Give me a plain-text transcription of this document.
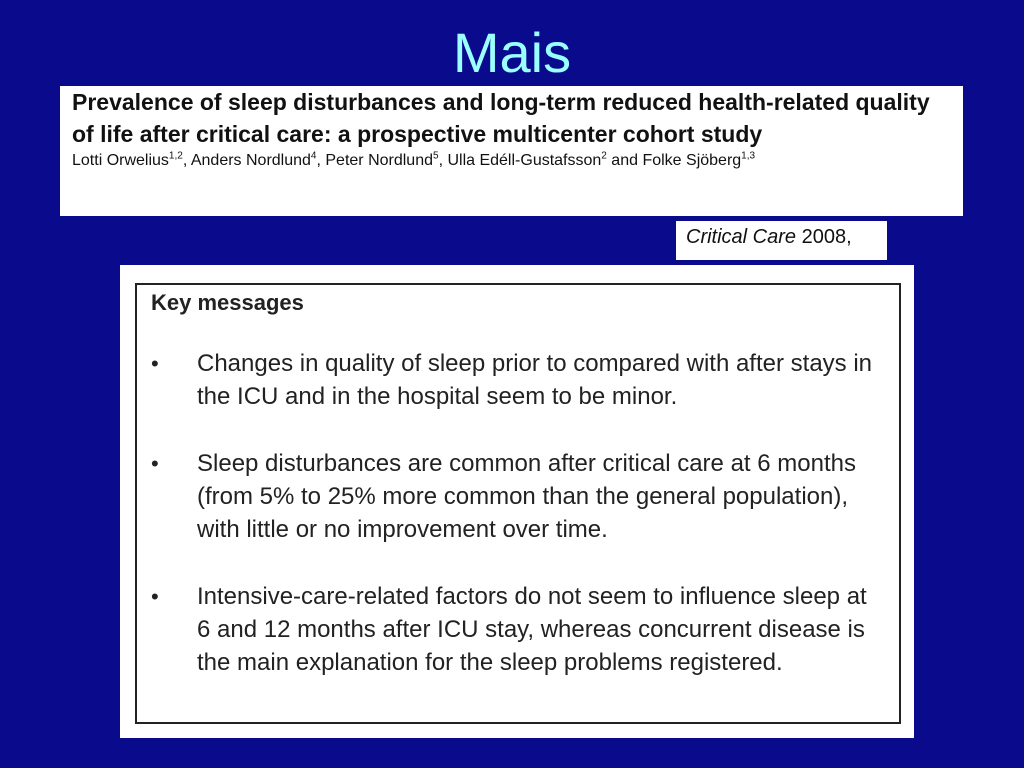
Mais
Prevalence of sleep disturbances and long-term reduced health-related quality of life after critical care: a prospective multicenter cohort study
Lotti Orwelius$^{1,2}$, Anders Nordlund$^4$, Peter Nordlund$^5$, Ulla Edéll-Gustafsson$^2$ and Folke Sjöberg$^{1,3}$
Critical Care 2008,
Key messages
• Changes in quality of sleep prior to compared with after stays in the ICU and in the hospital seem to be minor.
• Sleep disturbances are common after critical care at 6 months (from 5% to 25% more common than the general population), with little or no improvement over time.
• Intensive-care-related factors do not seem to influence sleep at 6 and 12 months after ICU stay, whereas concurrent disease is the main explanation for the sleep problems registered.
